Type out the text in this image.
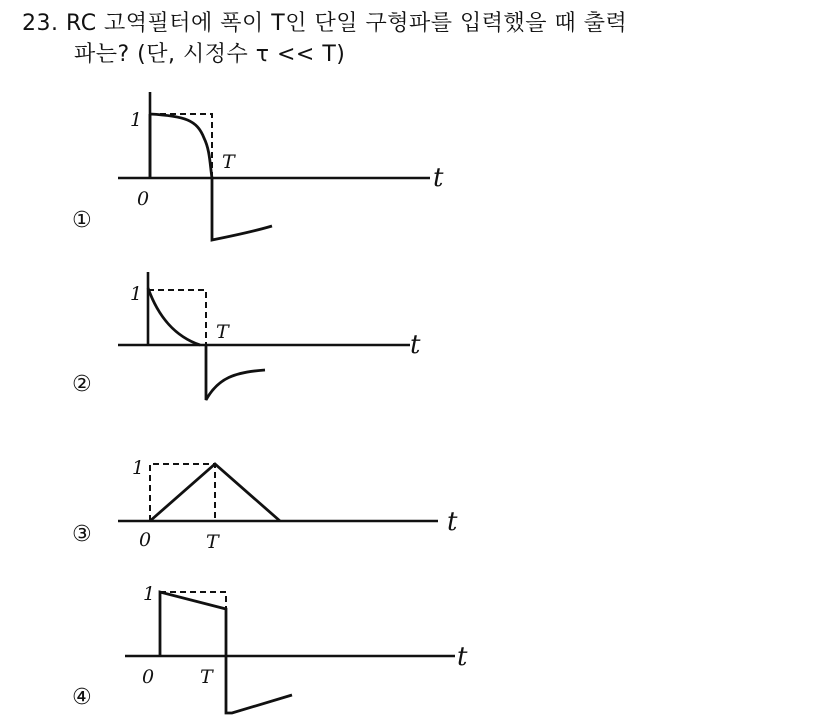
23. RC 고역필터에 폭이 T인 단일 구형파를 입력했을 때 출력
파는? (단, 시정수 τ << T)
1
0
T
t
①
1
T	t
②
1
0	T
t
③
1
0 T
t
④
